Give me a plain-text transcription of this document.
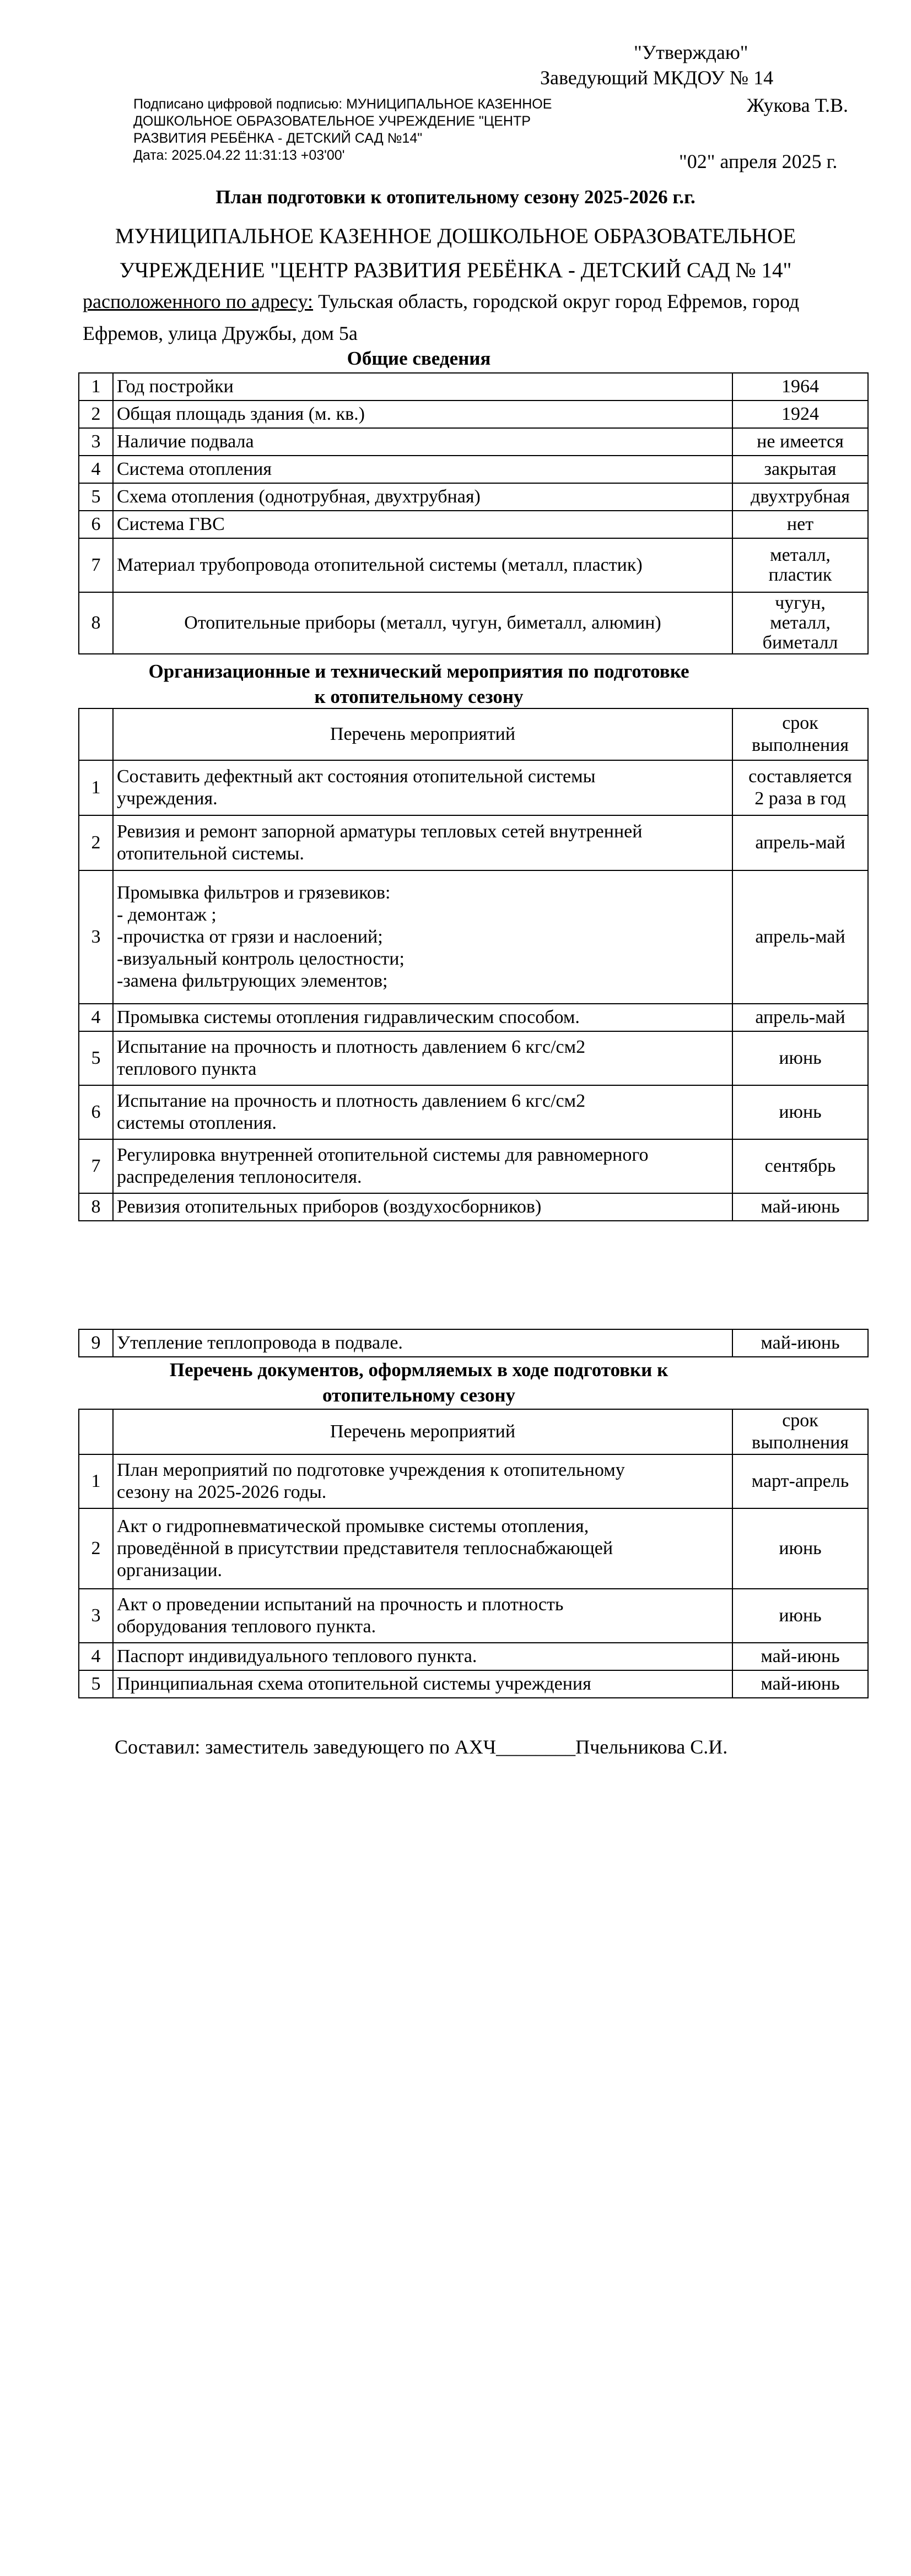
"Утверждаю"
Заведующий МКДОУ № 14
Жукова Т.В.
"02" апреля 2025 г.
Подписано цифровой подписью: МУНИЦИПАЛЬНОЕ КАЗЕННОЕ
ДОШКОЛЬНОЕ ОБРАЗОВАТЕЛЬНОЕ УЧРЕЖДЕНИЕ "ЦЕНТР
РАЗВИТИЯ РЕБЁНКА - ДЕТСКИЙ САД №14"
Дата: 2025.04.22 11:31:13 +03'00'
План подготовки к отопительному сезону 2025-2026 г.г.
МУНИЦИПАЛЬНОЕ КАЗЕННОЕ ДОШКОЛЬНОЕ ОБРАЗОВАТЕЛЬНОЕ
УЧРЕЖДЕНИЕ "ЦЕНТР РАЗВИТИЯ РЕБЁНКА - ДЕТСКИЙ САД № 14"
расположенного по адресу: Тульская область, городской округ город Ефремов, город
Ефремов, улица Дружбы, дом 5а
Общие сведения
1	Год постройки	1964
2	Общая площадь здания (м. кв.)	1924
3	Наличие подвала	не имеется
4	Система отопления	закрытая
5	Схема отопления (однотрубная, двухтрубная)	двухтрубная
6	Система ГВС	нет
7	Материал трубопровода отопительной системы (металл, пластик)	металл,
пластик
8	Отопительные приборы (металл, чугун, биметалл, алюмин)	чугун,
металл,
биметалл
Организационные и технический мероприятия по подготовке
к отопительному сезону
	Перечень мероприятий	срок
выполнения
1	Составить дефектный акт состояния отопительной системы
учреждения.	составляется
2 раза в год
2	Ревизия и ремонт запорной арматуры тепловых сетей внутренней
отопительной системы.	апрель-май
3	Промывка фильтров и грязевиков:
- демонтаж ;
-прочистка от грязи и наслоений;
-визуальный контроль целостности;
-замена фильтрующих элементов;	апрель-май
4	Промывка системы отопления гидравлическим способом.	апрель-май
5	Испытание на прочность и плотность давлением 6 кгс/см2
теплового пункта	июнь
6	Испытание на прочность и плотность давлением 6 кгс/см2
системы отопления.	июнь
7	Регулировка внутренней отопительной системы для равномерного
распределения теплоносителя.	сентябрь
8	Ревизия отопительных приборов (воздухосборников)	май-июнь
9	Утепление теплопровода в подвале.	май-июнь
Перечень документов, оформляемых в ходе подготовки к
отопительному сезону
	Перечень мероприятий	срок
выполнения
1	План мероприятий по подготовке учреждения к отопительному
сезону на 2025-2026 годы.	март-апрель
2	Акт о гидропневматической промывке системы отопления,
проведённой в присутствии представителя теплоснабжающей
организации.	июнь
3	Акт о проведении испытаний на прочность и плотность
оборудования теплового пункта.	июнь
4	Паспорт индивидуального теплового пункта.	май-июнь
5	Принципиальная схема отопительной системы учреждения	май-июнь
Составил: заместитель заведующего по АХЧ________Пчельникова С.И.
